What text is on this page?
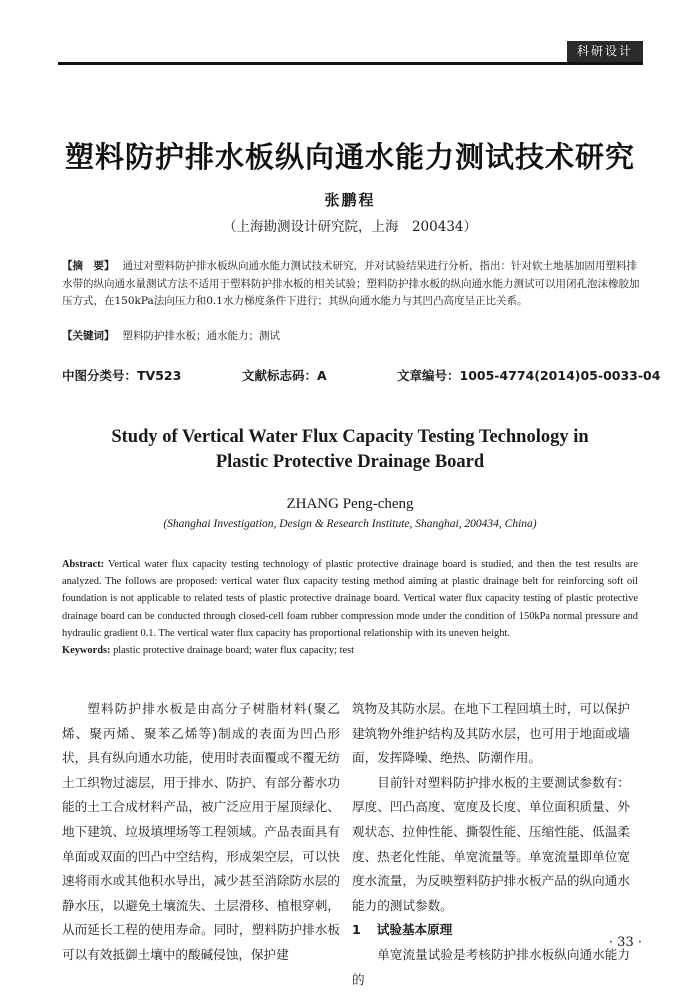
科研设计
塑料防护排水板纵向通水能力测试技术研究
张鹏程
（上海勘测设计研究院，上海　200434）
【摘　要】 通过对塑料防护排水板纵向通水能力测试技术研究，并对试验结果进行分析，指出：针对软土地基加固用塑料排水带的纵向通水量测试方法不适用于塑料防护排水板的相关试验；塑料防护排水板的纵向通水能力测试可以用闭孔泡沫橡胶加压方式，在150kPa法向压力和0.1水力梯度条件下进行；其纵向通水能力与其凹凸高度呈正比关系。
【关键词】 塑料防护排水板；通水能力；测试
中图分类号：TV523	文献标志码：A	文章编号：1005-4774(2014)05-0033-04
Study of Vertical Water Flux Capacity Testing Technology in
Plastic Protective Drainage Board
ZHANG Peng-cheng
(Shanghai Investigation, Design & Research Institute, Shanghai, 200434, China)
Abstract: Vertical water flux capacity testing technology of plastic protective drainage board is studied, and then the test results are analyzed. The follows are proposed: vertical water flux capacity testing method aiming at plastic drainage belt for reinforcing soft oil foundation is not applicable to related tests of plastic protective drainage board. Vertical water flux capacity testing of plastic protective drainage board can be conducted through closed-cell foam rubber compression mode under the condition of 150kPa normal pressure and hydraulic gradient 0.1. The vertical water flux capacity has proportional relationship with its uneven height.
Keywords: plastic protective drainage board; water flux capacity; test

塑料防护排水板是由高分子树脂材料(聚乙烯、聚丙烯、聚苯乙烯等)制成的表面为凹凸形状，具有纵向通水功能，使用时表面覆或不覆无纺土工织物过滤层，用于排水、防护、有部分蓄水功能的土工合成材料产品，被广泛应用于屋顶绿化、地下建筑、垃圾填埋场等工程领域。产品表面具有单面或双面的凹凸中空结构，形成架空层，可以快速将雨水或其他积水导出，减少甚至消除防水层的静水压，以避免土壤流失、土层滑移、植根穿刺，从而延长工程的使用寿命。同时，塑料防护排水板可以有效抵御土壤中的酸碱侵蚀，保护建

筑物及其防水层。在地下工程回填土时，可以保护建筑物外维护结构及其防水层，也可用于地面或墙面，发挥降噪、绝热、防潮作用。

目前针对塑料防护排水板的主要测试参数有：厚度、凹凸高度、宽度及长度、单位面积质量、外观状态、拉伸性能、撕裂性能、压缩性能、低温柔度、热老化性能、单宽流量等。单宽流量即单位宽度水流量，为反映塑料防护排水板产品的纵向通水能力的测试参数。

1 试验基本原理

单宽流量试验是考核防护排水板纵向通水能力的

· 33 ·
